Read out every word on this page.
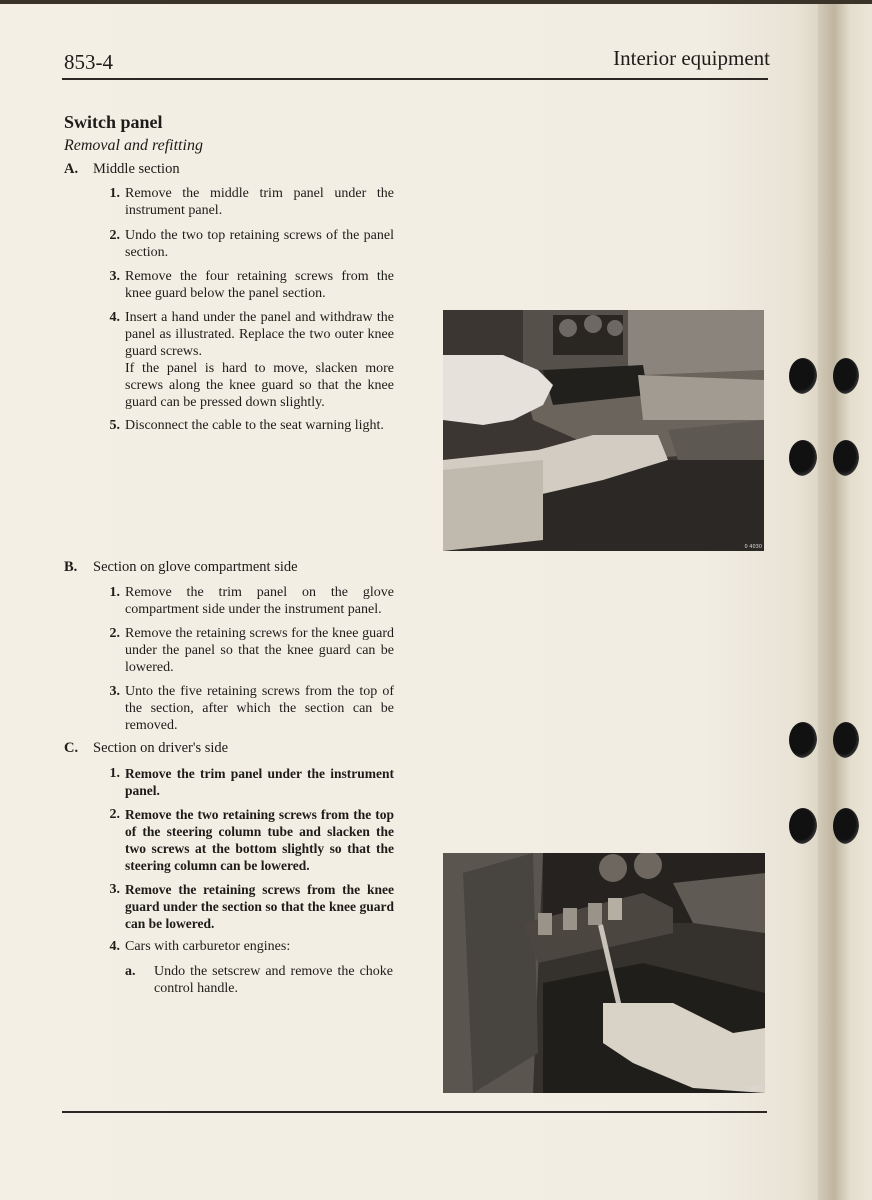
853-4	Interior equipment
Switch panel
Removal and refitting
A. Middle section
1. Remove the middle trim panel under the instrument panel.
2. Undo the two top retaining screws of the panel section.
3. Remove the four retaining screws from the knee guard below the panel section.
4. Insert a hand under the panel and withdraw the panel as illustrated. Replace the two outer knee guard screws.
If the panel is hard to move, slacken more screws along the knee guard so that the knee guard can be pressed down slightly.
5. Disconnect the cable to the seat warning light.
B. Section on glove compartment side
1. Remove the trim panel on the glove compartment side under the instrument panel.
2. Remove the retaining screws for the knee guard under the panel so that the knee guard can be lowered.
3. Unto the five retaining screws from the top of the section, after which the section can be removed.
C. Section on driver's side
1. Remove the trim panel under the instrument panel.
2. Remove the two retaining screws from the top of the steering column tube and slacken the two screws at the bottom slightly so that the steering column can be lowered.
3. Remove the retaining screws from the knee guard under the section so that the knee guard can be lowered.
4. Cars with carburetor engines:
a. Undo the setscrew and remove the choke control handle.
0 4030
0 4031
